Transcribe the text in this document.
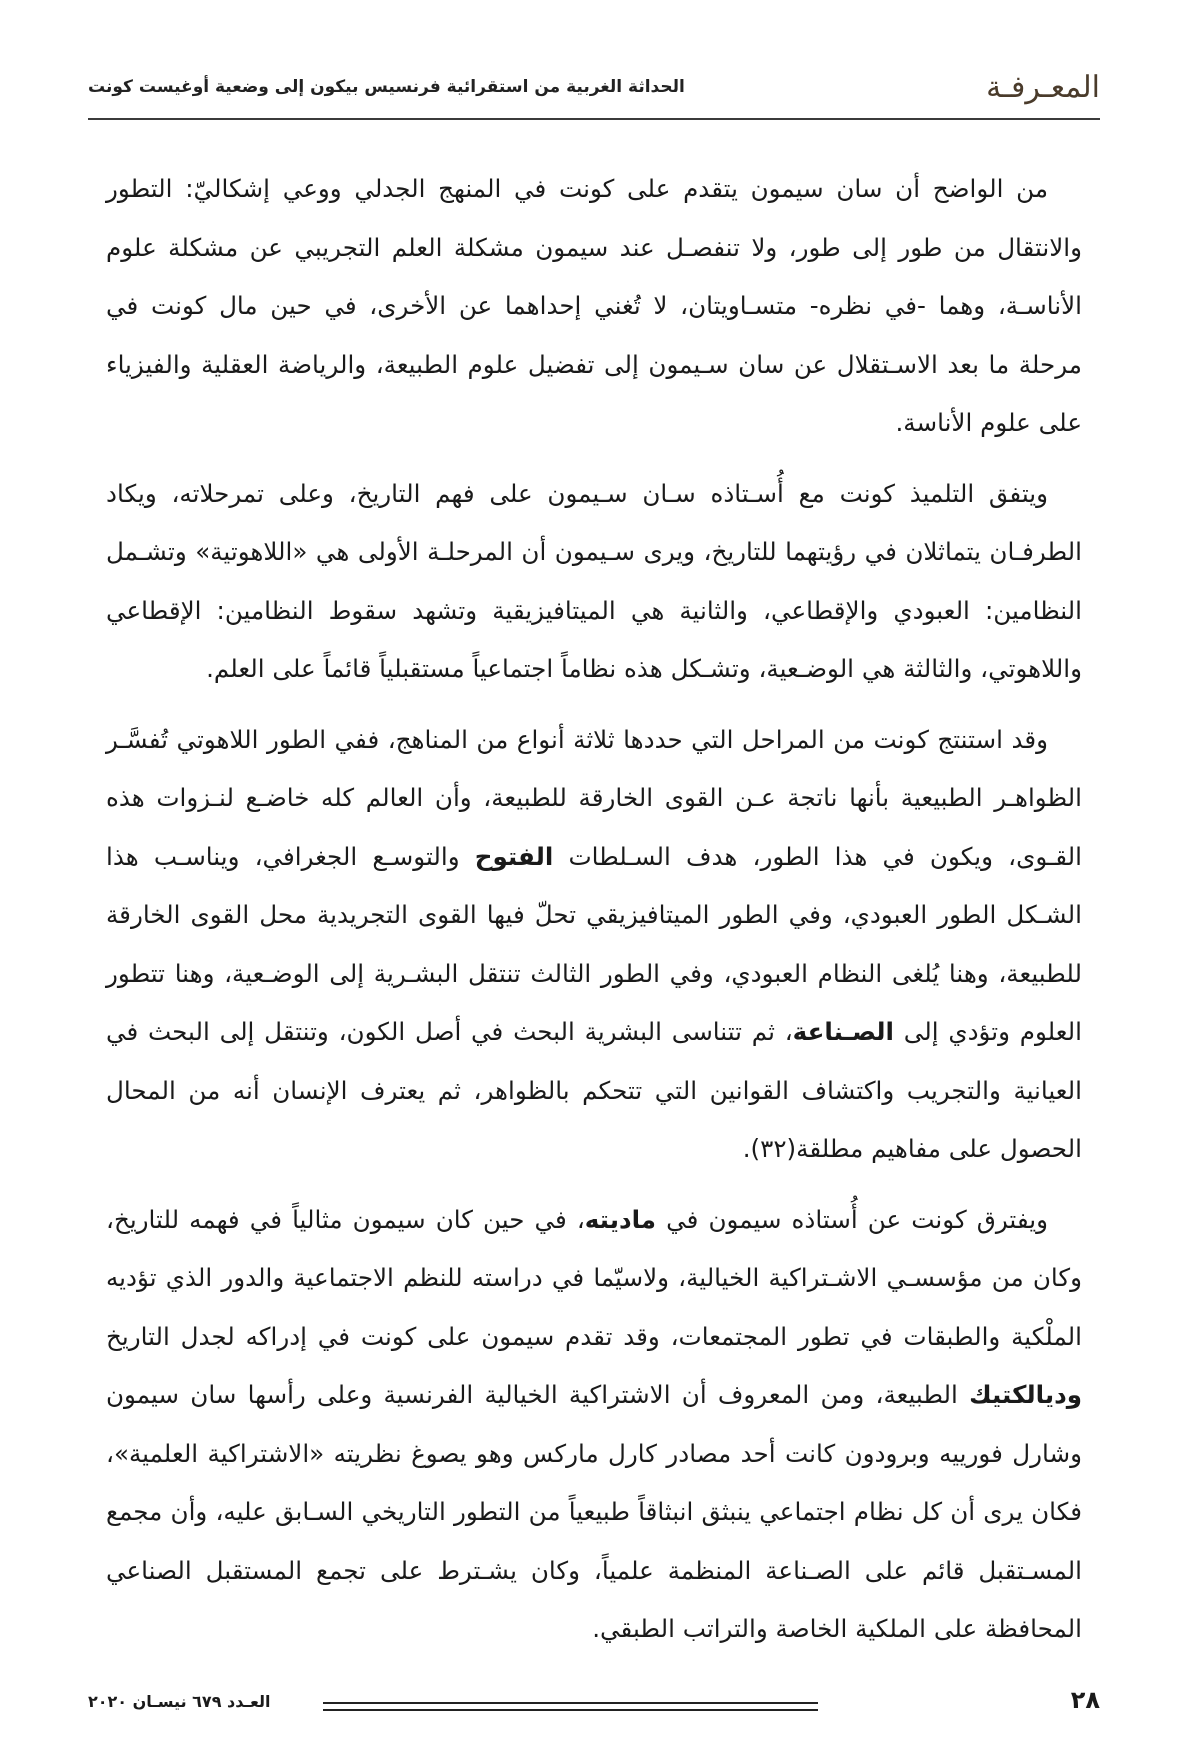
المعـرفـة
الحداثة الغربية من استقرائية فرنسيس بيكون إلى وضعية أوغيست كونت

من الواضح أن سان سيمون يتقدم على كونت في المنهج الجدلي ووعي إشكاليّ: التطور والانتقال من طور إلى طور، ولا تنفصـل عند سيمون مشكلة العلم التجريبي عن مشكلة علوم الأناسـة، وهما -في نظره- متسـاويتان، لا تُغني إحداهما عن الأخرى، في حين مال كونت في مرحلة ما بعد الاسـتقلال عن سان سـيمون إلى تفضيل علوم الطبيعة، والرياضة العقلية والفيزياء على علوم الأناسة.

ويتفق التلميذ كونت مع أُسـتاذه سـان سـيمون على فهم التاريخ، وعلى تمرحلاته، ويكاد الطرفـان يتماثلان في رؤيتهما للتاريخ، ويرى سـيمون أن المرحلـة الأولى هي «اللاهوتية» وتشـمل النظامين: العبودي والإقطاعي، والثانية هي الميتافيزيقية وتشهد سقوط النظامين: الإقطاعي واللاهوتي، والثالثة هي الوضـعية، وتشـكل هذه نظاماً اجتماعياً مستقبلياً قائماً على العلم.

وقد استنتج كونت من المراحل التي حددها ثلاثة أنواع من المناهج، ففي الطور اللاهوتي تُفسَّـر الظواهـر الطبيعية بأنها ناتجة عـن القوى الخارقة للطبيعة، وأن العالم كله خاضـع لنـزوات هذه القـوى، ويكون في هذا الطور، هدف السـلطات الفتوح والتوسـع الجغرافي، ويناسـب هذا الشـكل الطور العبودي، وفي الطور الميتافيزيقي تحلّ فيها القوى التجريدية محل القوى الخارقة للطبيعة، وهنا يُلغى النظام العبودي، وفي الطور الثالث تنتقل البشـرية إلى الوضـعية، وهنا تتطور العلوم وتؤدي إلى الصـناعة، ثم تتناسى البشرية البحث في أصل الكون، وتنتقل إلى البحث في العيانية والتجريب واكتشاف القوانين التي تتحكم بالظواهر، ثم يعترف الإنسان أنه من المحال الحصول على مفاهيم مطلقة(٣٢).

ويفترق كونت عن أُستاذه سيمون في ماديته، في حين كان سيمون مثالياً في فهمه للتاريخ، وكان من مؤسسـي الاشـتراكية الخيالية، ولاسيّما في دراسته للنظم الاجتماعية والدور الذي تؤديه الملْكية والطبقات في تطور المجتمعات، وقد تقدم سيمون على كونت في إدراكه لجدل التاريخ وديالكتيك الطبيعة، ومن المعروف أن الاشتراكية الخيالية الفرنسية وعلى رأسها سان سيمون وشارل فورييه وبرودون كانت أحد مصادر كارل ماركس وهو يصوغ نظريته «الاشتراكية العلمية»، فكان يرى أن كل نظام اجتماعي ينبثق انبثاقاً طبيعياً من التطور التاريخي السـابق عليه، وأن مجمع المسـتقبل قائم على الصـناعة المنظمة علمياً، وكان يشـترط على تجمع المستقبل الصناعي المحافظة على الملكية الخاصة والتراتب الطبقي.

٢٨
العـدد ٦٧٩ نيسـان ٢٠٢٠
